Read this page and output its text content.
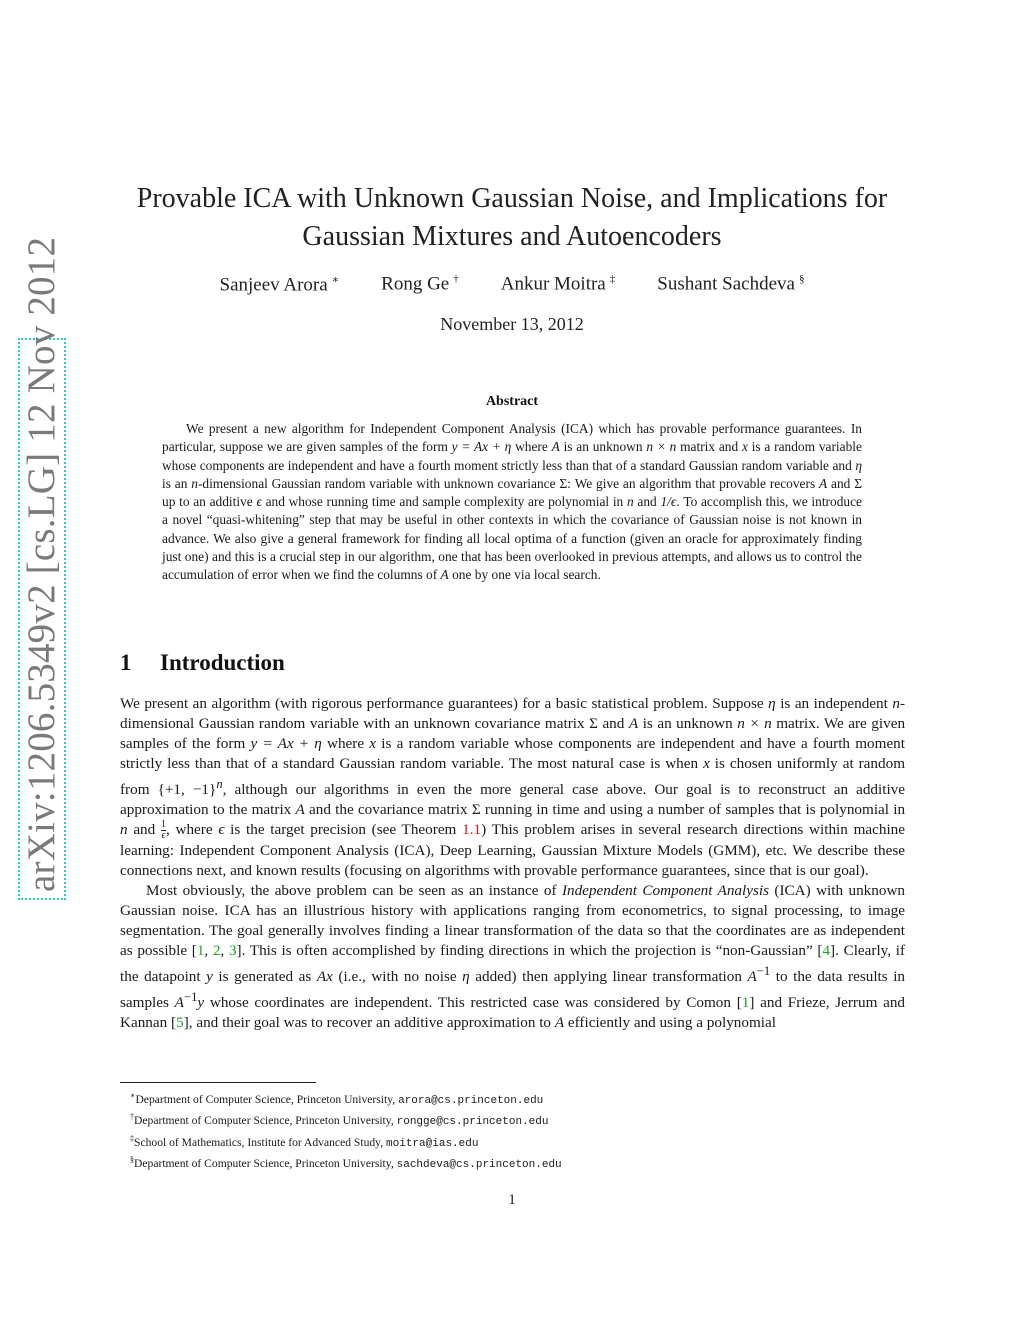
arXiv:1206.5349v2 [cs.LG] 12 Nov 2012
Provable ICA with Unknown Gaussian Noise, and Implications for
Gaussian Mixtures and Autoencoders
Sanjeev Arora ∗ Rong Ge † Ankur Moitra ‡ Sushant Sachdeva §
November 13, 2012
Abstract

We present a new algorithm for Independent Component Analysis (ICA) which has provable performance guarantees. In particular, suppose we are given samples of the form y = Ax + η where A is an unknown n × n matrix and x is a random variable whose components are independent and have a fourth moment strictly less than that of a standard Gaussian random variable and η is an n-dimensional Gaussian random variable with unknown covariance Σ: We give an algorithm that provable recovers A and Σ up to an additive ϵ and whose running time and sample complexity are polynomial in n and 1/ϵ. To accomplish this, we introduce a novel “quasi-whitening” step that may be useful in other contexts in which the covariance of Gaussian noise is not known in advance. We also give a general framework for finding all local optima of a function (given an oracle for approximately finding just one) and this is a crucial step in our algorithm, one that has been overlooked in previous attempts, and allows us to control the accumulation of error when we find the columns of A one by one via local search.

1 Introduction

We present an algorithm (with rigorous performance guarantees) for a basic statistical problem. Suppose η is an independent n-dimensional Gaussian random variable with an unknown covariance matrix Σ and A is an unknown n × n matrix. We are given samples of the form y = Ax + η where x is a random variable whose components are independent and have a fourth moment strictly less than that of a standard Gaussian random variable. The most natural case is when x is chosen uniformly at random from {+1, −1}$^n$, although our algorithms in even the more general case above. Our goal is to reconstruct an additive approximation to the matrix A and the covariance matrix Σ running in time and using a number of samples that is polynomial in n and $\frac{1}{\epsilon}$ , where ϵ is the target precision (see Theorem 1.1) This problem arises in several research directions within machine learning: Independent Component Analysis (ICA), Deep Learning, Gaussian Mixture Models (GMM), etc. We describe these connections next, and known results (focusing on algorithms with provable performance guarantees, since that is our goal).

Most obviously, the above problem can be seen as an instance of Independent Component Analysis (ICA) with unknown Gaussian noise. ICA has an illustrious history with applications ranging from econometrics, to signal processing, to image segmentation. The goal generally involves finding a linear transformation of the data so that the coordinates are as independent as possible [1, 2, 3]. This is often accomplished by finding directions in which the projection is “non-Gaussian” [4]. Clearly, if the datapoint y is generated as Ax (i.e., with no noise η added) then applying linear transformation $A^{-1}$ to the data results in samples $A^{-1}y$ whose coordinates are independent. This restricted case was considered by Comon [1] and Frieze, Jerrum and Kannan [5], and their goal was to recover an additive approximation to A efficiently and using a polynomial

∗Department of Computer Science, Princeton University, arora@cs.princeton.edu
†Department of Computer Science, Princeton University, rongge@cs.princeton.edu
‡School of Mathematics, Institute for Advanced Study, moitra@ias.edu
§Department of Computer Science, Princeton University, sachdeva@cs.princeton.edu
1
